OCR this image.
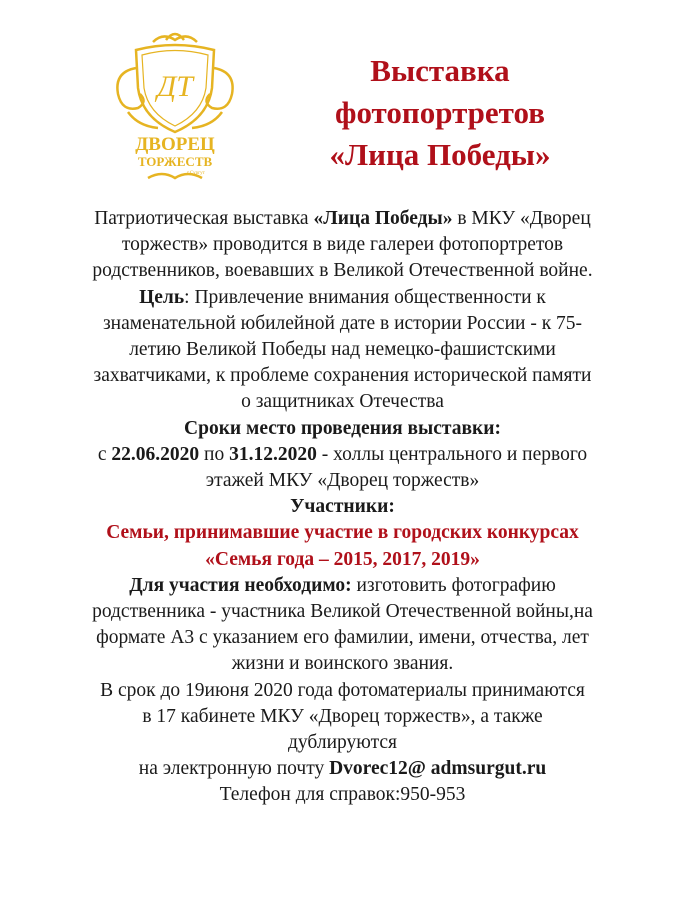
ДТ
ДВОРЕЦ
ТОРЖЕСТВ
г.Сургут
Выставка
фотопортретов
«Лица Победы»
Патриотическая выставка «Лица Победы» в МКУ «Дворец
торжеств» проводится в виде галереи фотопортретов
родственников, воевавших в Великой Отечественной войне.
Цель: Привлечение внимания общественности к
знаменательной юбилейной дате в истории России - к 75-
летию Великой Победы над немецко-фашистскими
захватчиками, к проблеме сохранения исторической памяти
о защитниках Отечества
Сроки место проведения выставки:
с 22.06.2020 по 31.12.2020 - холлы центрального и первого
этажей МКУ «Дворец торжеств»
Участники:
Семьи, принимавшие участие в городских конкурсах
«Семья года – 2015, 2017, 2019»
Для участия необходимо: изготовить фотографию
родственника - участника Великой Отечественной войны,на
формате А3 с указанием его фамилии, имени, отчества, лет
жизни и воинского звания.
В срок до 19июня 2020 года фотоматериалы принимаются
в 17 кабинете МКУ «Дворец торжеств», а также
дублируются
на электронную почту Dvorec12@ admsurgut.ru
Телефон для справок:950-953
